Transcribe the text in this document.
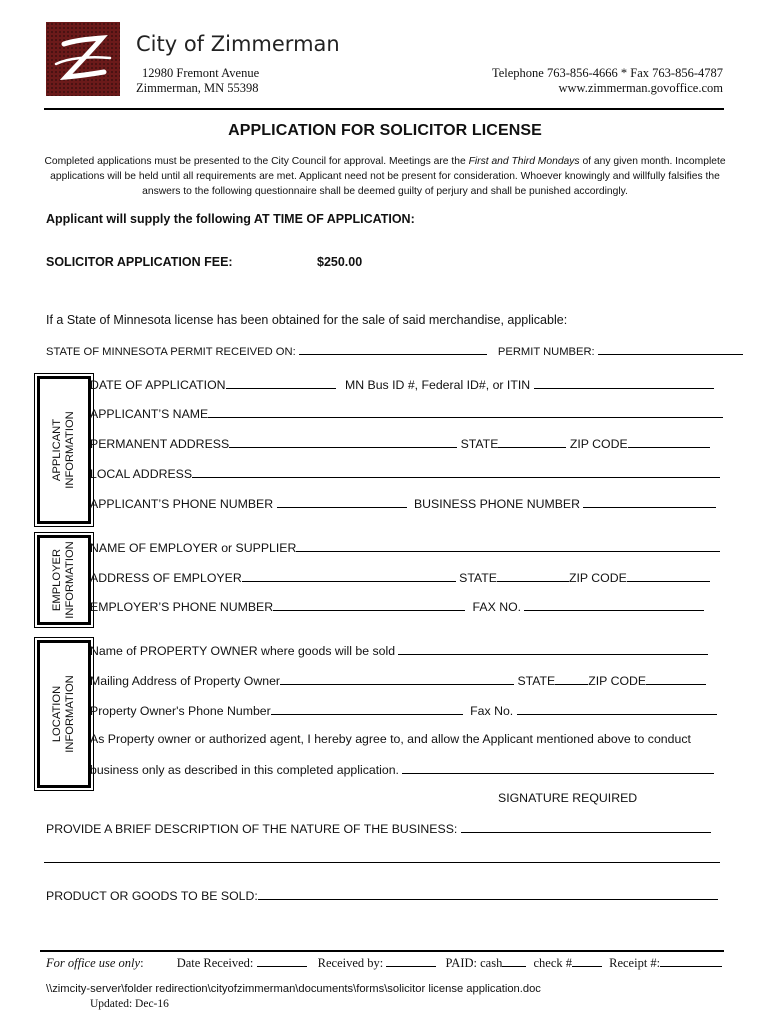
City of Zimmerman
12980 Fremont Avenue
Zimmerman, MN 55398
Telephone 763-856-4666 * Fax 763-856-4787
www.zimmerman.govoffice.com
APPLICATION FOR SOLICITOR LICENSE
Completed applications must be presented to the City Council for approval. Meetings are the First and Third Mondays of any given month. Incomplete applications will be held until all requirements are met. Applicant need not be present for consideration. Whoever knowingly and willfully falsifies the answers to the following questionnaire shall be deemed guilty of perjury and shall be punished accordingly.
Applicant will supply the following AT TIME OF APPLICATION:
SOLICITOR APPLICATION FEE:	$250.00
If a State of Minnesota license has been obtained for the sale of said merchandise, applicable:
STATE OF MINNESOTA PERMIT RECEIVED ON:	PERMIT NUMBER:
APPLICANT INFORMATION
DATE OF APPLICATION	MN Bus ID #, Federal ID#, or ITIN
APPLICANT’S NAME
PERMANENT ADDRESS	STATE	ZIP CODE
LOCAL ADDRESS
APPLICANT’S PHONE NUMBER	BUSINESS PHONE NUMBER
EMPLOYER INFORMATION NAME OF EMPLOYER or SUPPLIER
ADDRESS OF EMPLOYER	STATE	ZIP CODE
EMPLOYER’S PHONE NUMBER	FAX NO.
LOCATION INFORMATION
Name of PROPERTY OWNER where goods will be sold
Mailing Address of Property Owner	STATE	ZIP CODE
Property Owner's Phone Number	Fax No.
As Property owner or authorized agent, I hereby agree to, and allow the Applicant mentioned above to conduct
business only as described in this completed application.
SIGNATURE REQUIRED
PROVIDE A BRIEF DESCRIPTION OF THE NATURE OF THE BUSINESS:
PRODUCT OR GOODS TO BE SOLD:
For office use only:	Date Received:	Received by:	PAID: cash check #	Receipt #:
\\zimcity-server\folder redirection\cityofzimmerman\documents\forms\solicitor license application.doc
Updated: Dec-16
